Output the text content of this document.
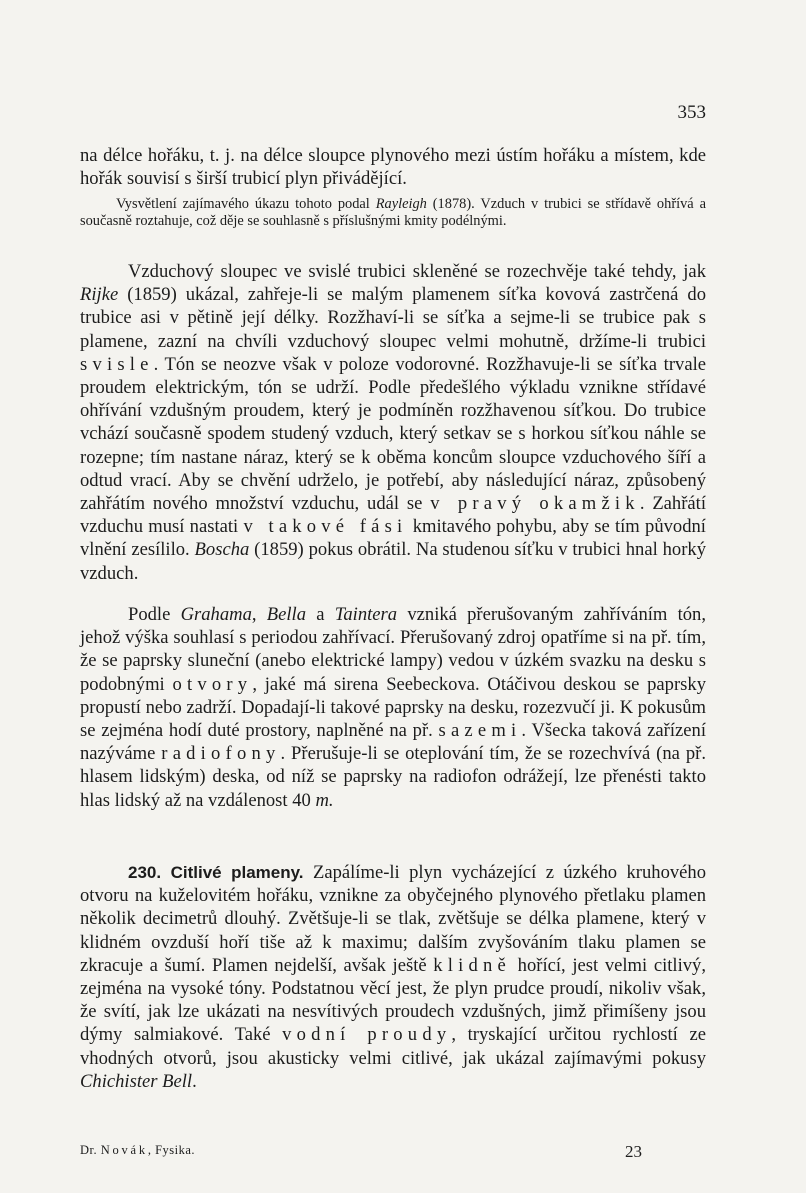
353

na délce hořáku, t. j. na délce sloupce plynového mezi ústím hořáku a místem, kde hořák souvisí s širší trubicí plyn přivádějící.

Vysvětlení zajímavého úkazu tohoto podal Rayleigh (1878). Vzduch v trubici se střídavě ohřívá a současně roztahuje, což děje se souhlasně s příslušnými kmity podélnými.

Vzduchový sloupec ve svislé trubici skleněné se rozechvěje také tehdy, jak Rijke (1859) ukázal, zahřeje-li se malým plamenem síťka kovová zastrčená do trubice asi v pětině její délky. Rozžhaví-li se síťka a sejme-li se trubice pak s plamene, zazní na chvíli vzduchový sloupec velmi mohutně, držíme-li trubici svisle. Tón se neozve však v poloze vodorovné. Rozžhavuje-li se síťka trvale proudem elektrickým, tón se udrží. Podle předešlého výkladu vznikne střídavé ohřívání vzdušným proudem, který je podmíněn rozžhavenou síťkou. Do trubice vchází současně spodem studený vzduch, který setkav se s horkou síťkou náhle se rozepne; tím nastane náraz, který se k oběma koncům sloupce vzduchového šíří a odtud vrací. Aby se chvění udrželo, je potřebí, aby následující náraz, způsobený zahřátím nového množství vzduchu, udál se v pravý okamžik. Zahřátí vzduchu musí nastati v takové fási kmitavého pohybu, aby se tím původní vlnění zesílilo. Boscha (1859) pokus obrátil. Na studenou síťku v trubici hnal horký vzduch.

Podle Grahama, Bella a Taintera vzniká přerušovaným zahříváním tón, jehož výška souhlasí s periodou zahřívací. Přerušovaný zdroj opatříme si na př. tím, že se paprsky sluneční (anebo elektrické lampy) vedou v úzkém svazku na desku s podobnými otvory, jaké má sirena Seebeckova. Otáčivou deskou se paprsky propustí nebo zadrží. Dopadají-li takové paprsky na desku, rozezvučí ji. K pokusům se zejména hodí duté prostory, naplněné na př. sazemi. Všecka taková zařízení nazýváme radiofony. Přerušuje-li se oteplování tím, že se rozechvívá (na př. hlasem lidským) deska, od níž se paprsky na radiofon odrážejí, lze přenésti takto hlas lidský až na vzdálenost 40 m.

230. Citlivé plameny. Zapálíme-li plyn vycházející z úzkého kruhového otvoru na kuželovitém hořáku, vznikne za obyčejného plynového přetlaku plamen několik decimetrů dlouhý. Zvětšuje-li se tlak, zvětšuje se délka plamene, který v klidném ovzduší hoří tiše až k maximu; dalším zvyšováním tlaku plamen se zkracuje a šumí. Plamen nejdelší, avšak ještě klidně hořící, jest velmi citlivý, zejména na vysoké tóny. Podstatnou věcí jest, že plyn prudce proudí, nikoliv však, že svítí, jak lze ukázati na nesvítivých proudech vzdušných, jimž přimíšeny jsou dýmy salmiakové. Také vodní proudy, tryskající určitou rychlostí ze vhodných otvorů, jsou akusticky velmi citlivé, jak ukázal zajímavými pokusy Chichister Bell.

Dr. Novák, Fysika.	23
